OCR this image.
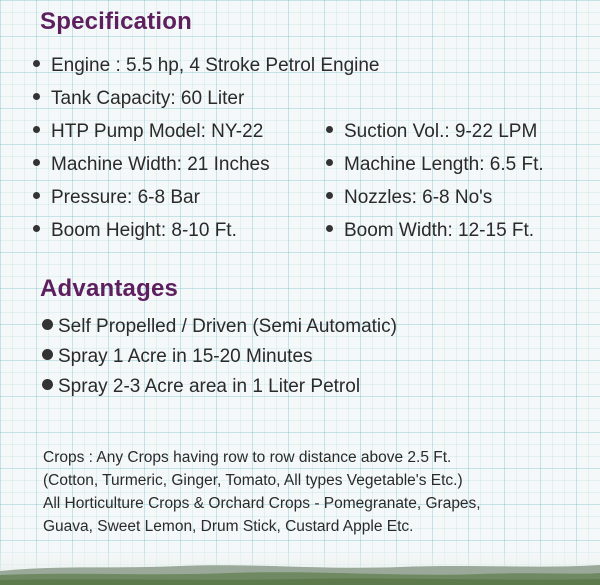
Specification
Engine : 5.5 hp, 4 Stroke Petrol Engine
Tank Capacity: 60 Liter
HTP Pump Model: NY-22	Suction Vol.: 9-22 LPM
Machine Width: 21 Inches	Machine Length: 6.5 Ft.
Pressure: 6-8 Bar	Nozzles: 6-8 No's
Boom Height: 8-10 Ft.	Boom Width: 12-15 Ft.
Advantages
Self Propelled / Driven (Semi Automatic)
Spray 1 Acre in 15-20 Minutes
Spray 2-3 Acre area in 1 Liter Petrol
Crops : Any Crops having row to row distance above 2.5 Ft.
(Cotton, Turmeric, Ginger, Tomato, All types Vegetable's Etc.)
All Horticulture Crops & Orchard Crops - Pomegranate, Grapes,
Guava, Sweet Lemon, Drum Stick, Custard Apple Etc.
